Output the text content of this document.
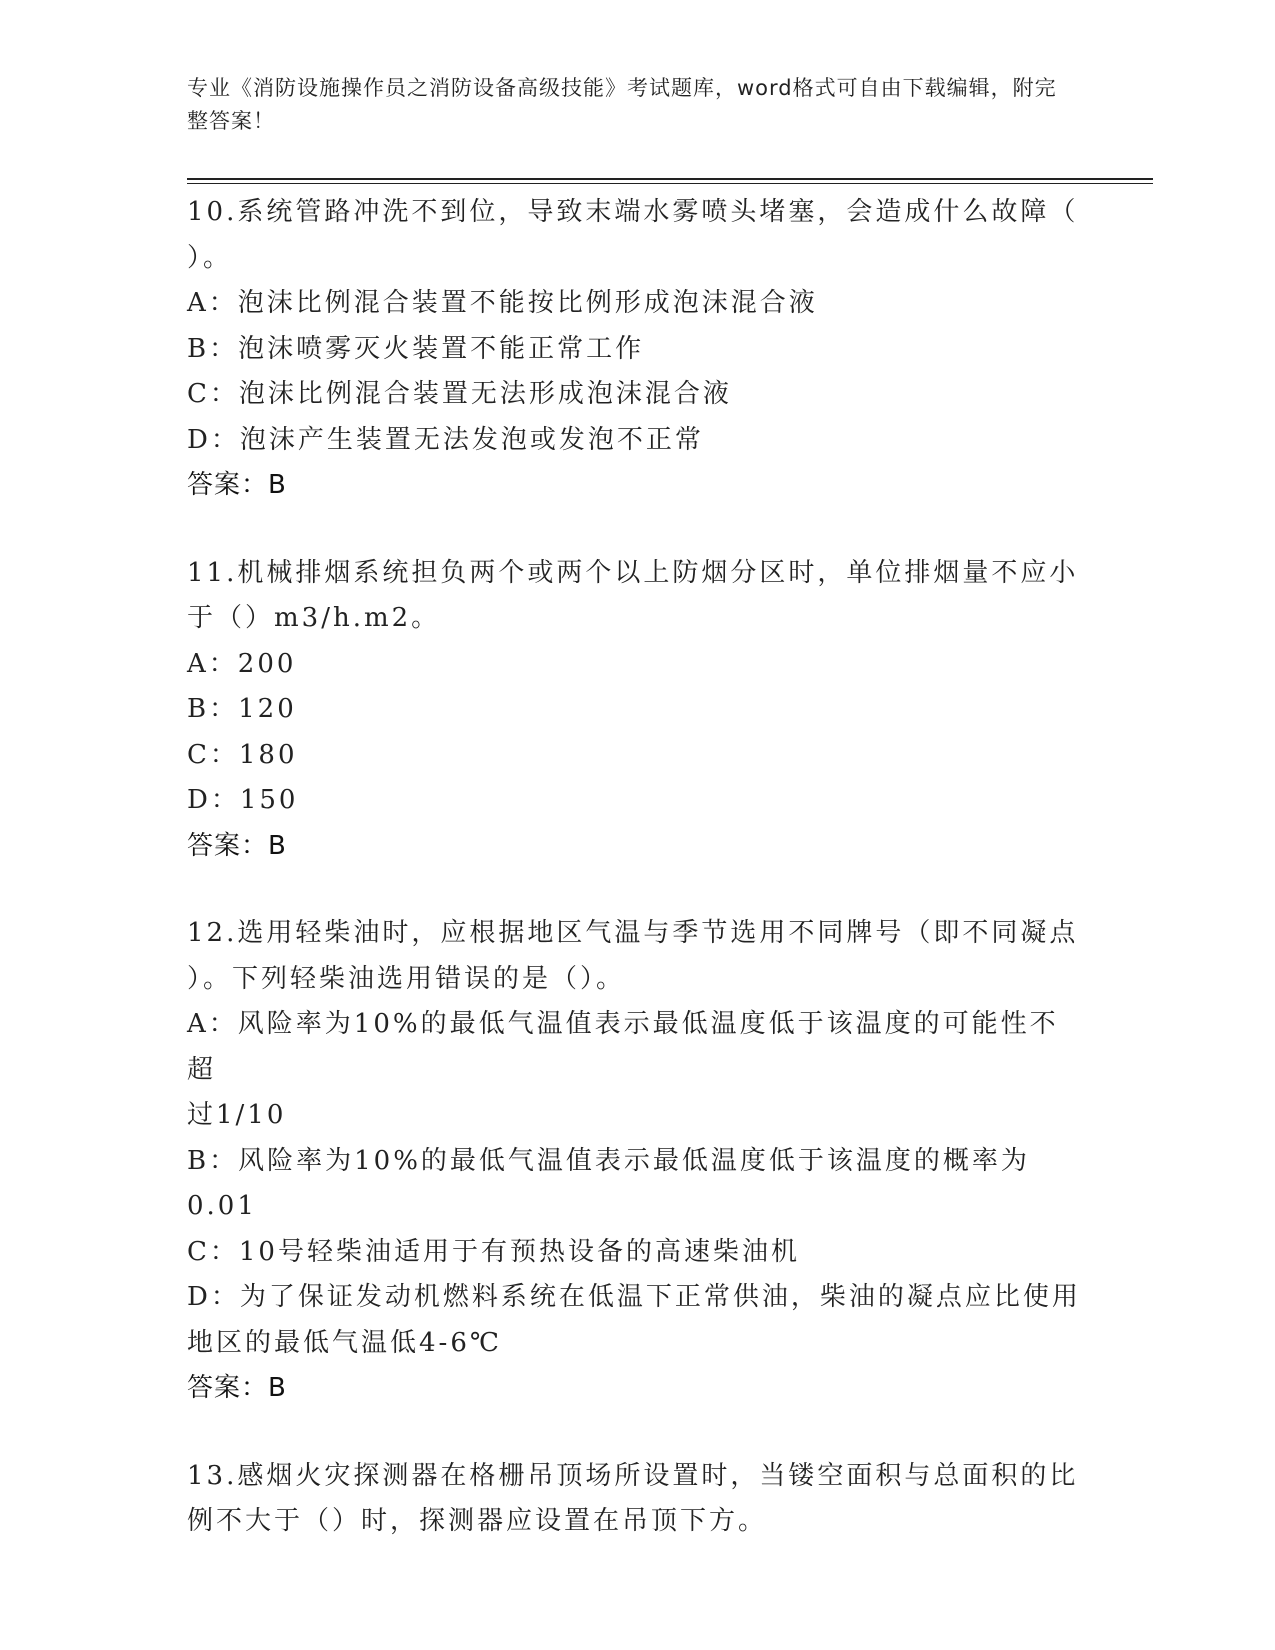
专业《消防设施操作员之消防设备高级技能》考试题库，word格式可自由下载编辑，附完整答案！
10.系统管路冲洗不到位，导致末端水雾喷头堵塞，会造成什么故障（
）。
A：泡沫比例混合装置不能按比例形成泡沫混合液
B：泡沫喷雾灭火装置不能正常工作
C：泡沫比例混合装置无法形成泡沫混合液
D：泡沫产生装置无法发泡或发泡不正常
答案：B
11.机械排烟系统担负两个或两个以上防烟分区时，单位排烟量不应小
于（）m3/h.m2。
A：200
B：120
C：180
D：150
答案：B
12.选用轻柴油时，应根据地区气温与季节选用不同牌号（即不同凝点
）。下列轻柴油选用错误的是（）。
A：风险率为10%的最低气温值表示最低温度低于该温度的可能性不超
过1/10
B：风险率为10%的最低气温值表示最低温度低于该温度的概率为0.01
C：10号轻柴油适用于有预热设备的高速柴油机
D：为了保证发动机燃料系统在低温下正常供油，柴油的凝点应比使用
地区的最低气温低4-6℃
答案：B
13.感烟火灾探测器在格栅吊顶场所设置时，当镂空面积与总面积的比
例不大于（）时，探测器应设置在吊顶下方。
